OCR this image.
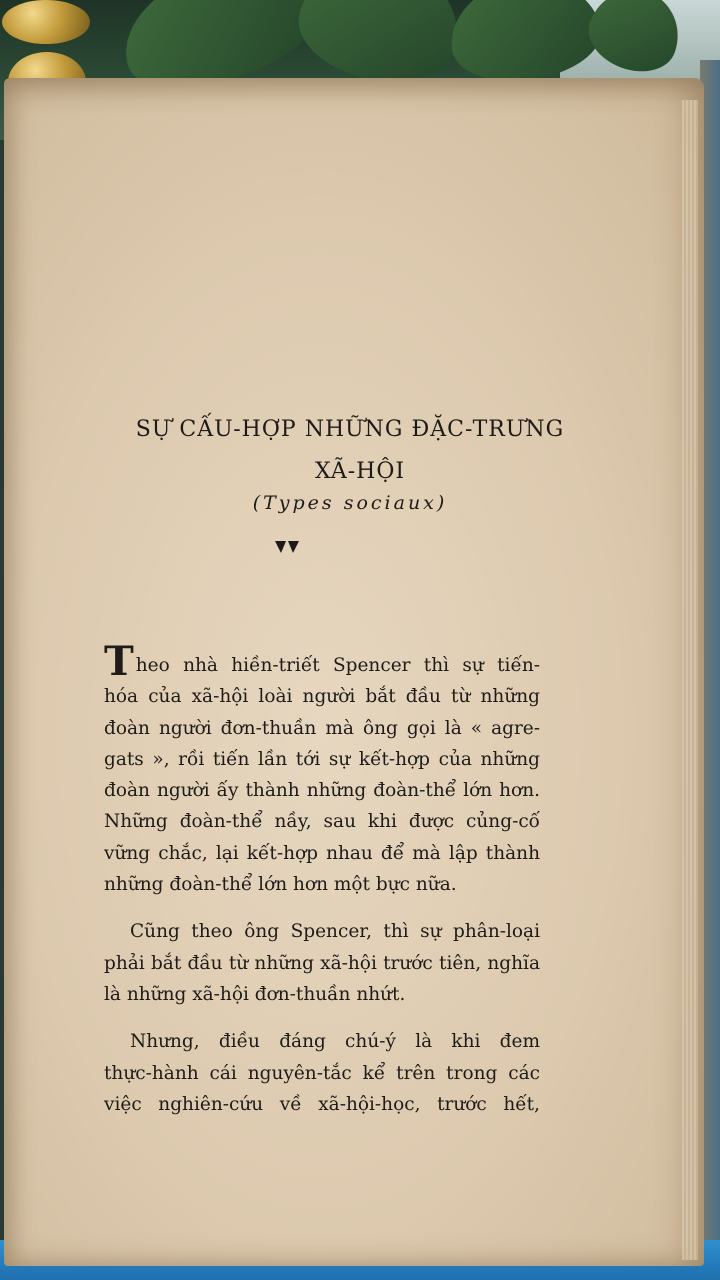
SỰ CẤU-HỢP NHỮNG ĐẶC-TRƯNG
XÃ-HỘI
(Types sociaux)

Theo nhà hiền-triết Spencer thì sự tiến-
hóa của xã-hội loài người bắt đầu từ những
đoàn người đơn-thuần mà ông gọi là « agre-
gats », rồi tiến lần tới sự kết-hợp của những
đoàn người ấy thành những đoàn-thể lớn hơn.
Những đoàn-thể nầy, sau khi được củng-cố
vững chắc, lại kết-hợp nhau để mà lập thành
những đoàn-thể lớn hơn một bực nữa.

Cũng theo ông Spencer, thì sự phân-loại
phải bắt đầu từ những xã-hội trước tiên, nghĩa
là những xã-hội đơn-thuần nhứt.

Nhưng, điều đáng chú-ý là khi đem
thực-hành cái nguyên-tắc kể trên trong các
việc nghiên-cứu về xã-hội-học, trước hết,
